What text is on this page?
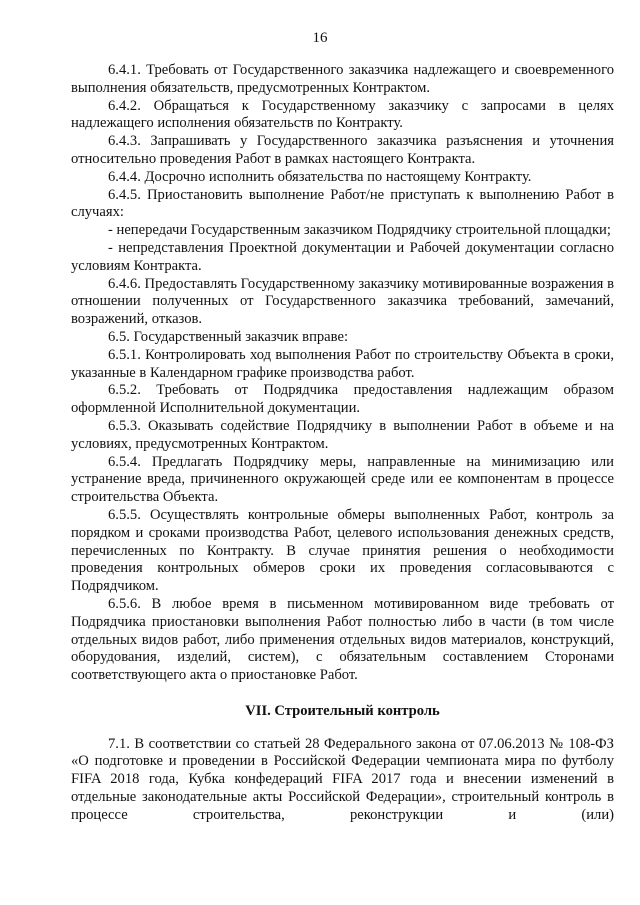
16

6.4.1. Требовать от Государственного заказчика надлежащего и своевременного выполнения обязательств, предусмотренных Контрактом.

6.4.2. Обращаться к Государственному заказчику с запросами в целях надлежащего исполнения обязательств по Контракту.

6.4.3. Запрашивать у Государственного заказчика разъяснения и уточнения относительно проведения Работ в рамках настоящего Контракта.

6.4.4. Досрочно исполнить обязательства по настоящему Контракту.

6.4.5. Приостановить выполнение Работ/не приступать к выполнению Работ в случаях:

- непередачи Государственным заказчиком Подрядчику строительной площадки;

- непредставления Проектной документации и Рабочей документации согласно условиям Контракта.

6.4.6. Предоставлять Государственному заказчику мотивированные возражения в отношении полученных от Государственного заказчика требований, замечаний, возражений, отказов.

6.5. Государственный заказчик вправе:

6.5.1. Контролировать ход выполнения Работ по строительству Объекта в сроки, указанные в Календарном графике производства работ.

6.5.2. Требовать от Подрядчика предоставления надлежащим образом оформленной Исполнительной документации.

6.5.3. Оказывать содействие Подрядчику в выполнении Работ в объеме и на условиях, предусмотренных Контрактом.

6.5.4. Предлагать Подрядчику меры, направленные на минимизацию или устранение вреда, причиненного окружающей среде или ее компонентам в процессе строительства Объекта.

6.5.5. Осуществлять контрольные обмеры выполненных Работ, контроль за порядком и сроками производства Работ, целевого использования денежных средств, перечисленных по Контракту. В случае принятия решения о необходимости проведения контрольных обмеров сроки их проведения согласовываются с Подрядчиком.

6.5.6. В любое время в письменном мотивированном виде требовать от Подрядчика приостановки выполнения Работ полностью либо в части (в том числе отдельных видов работ, либо применения отдельных видов материалов, конструкций, оборудования, изделий, систем), с обязательным составлением Сторонами соответствующего акта о приостановке Работ.

VII. Строительный контроль

7.1. В соответствии со статьей 28 Федерального закона от 07.06.2013 № 108-ФЗ «О подготовке и проведении в Российской Федерации чемпионата мира по футболу FIFA 2018 года, Кубка конфедераций FIFA 2017 года и внесении изменений в отдельные законодательные акты Российской Федерации», строительный контроль в процессе строительства, реконструкции и (или)
